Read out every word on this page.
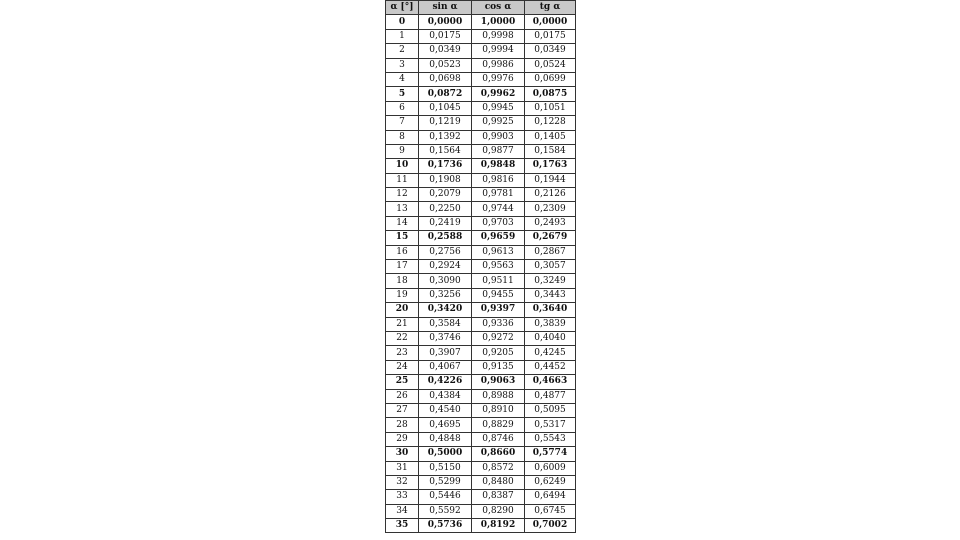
α [°]	sin α	cos α	tg α
0	0,0000	1,0000	0,0000
1	0,0175	0,9998	0,0175
2	0,0349	0,9994	0,0349
3	0,0523	0,9986	0,0524
4	0,0698	0,9976	0,0699
5	0,0872	0,9962	0,0875
6	0,1045	0,9945	0,1051
7	0,1219	0,9925	0,1228
8	0,1392	0,9903	0,1405
9	0,1564	0,9877	0,1584
10	0,1736	0,9848	0,1763
11	0,1908	0,9816	0,1944
12	0,2079	0,9781	0,2126
13	0,2250	0,9744	0,2309
14	0,2419	0,9703	0,2493
15	0,2588	0,9659	0,2679
16	0,2756	0,9613	0,2867
17	0,2924	0,9563	0,3057
18	0,3090	0,9511	0,3249
19	0,3256	0,9455	0,3443
20	0,3420	0,9397	0,3640
21	0,3584	0,9336	0,3839
22	0,3746	0,9272	0,4040
23	0,3907	0,9205	0,4245
24	0,4067	0,9135	0,4452
25	0,4226	0,9063	0,4663
26	0,4384	0,8988	0,4877
27	0,4540	0,8910	0,5095
28	0,4695	0,8829	0,5317
29	0,4848	0,8746	0,5543
30	0,5000	0,8660	0,5774
31	0,5150	0,8572	0,6009
32	0,5299	0,8480	0,6249
33	0,5446	0,8387	0,6494
34	0,5592	0,8290	0,6745
35	0,5736	0,8192	0,7002
